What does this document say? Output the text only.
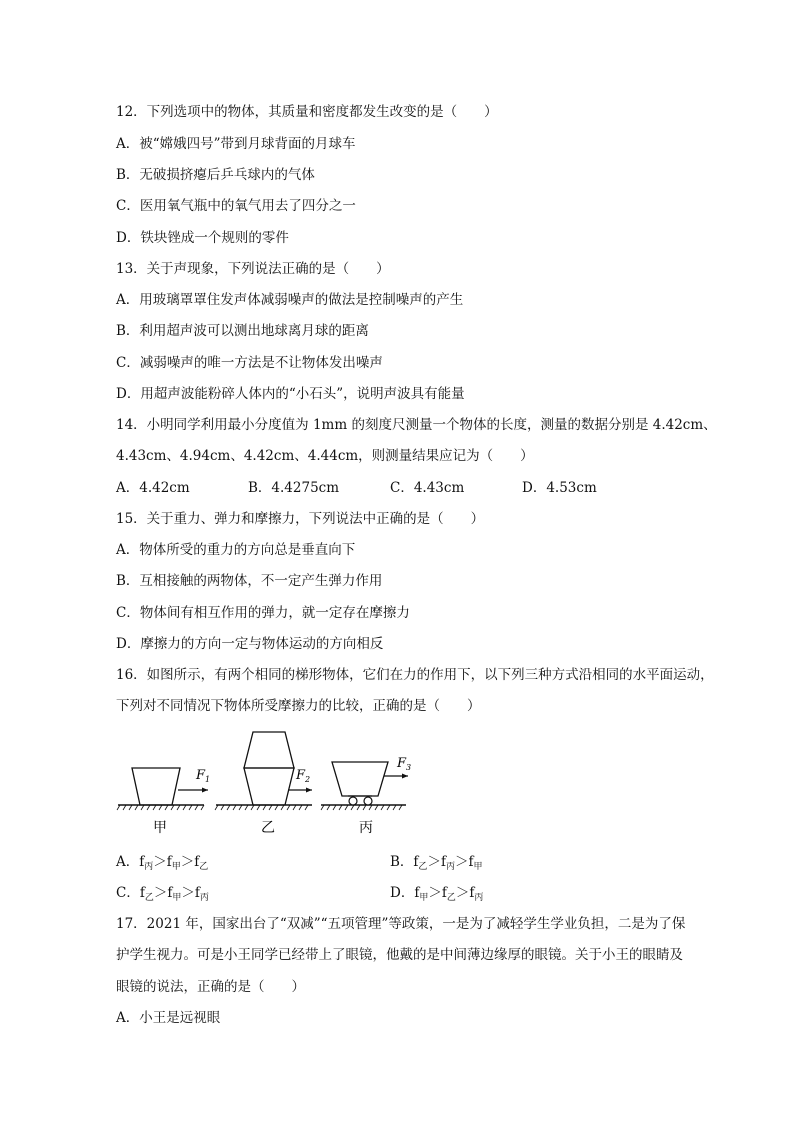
12．下列选项中的物体，其质量和密度都发生改变的是（　　）
A．被“嫦娥四号”带到月球背面的月球车
B．无破损挤瘪后乒乓球内的气体
C．医用氧气瓶中的氧气用去了四分之一
D．铁块锉成一个规则的零件
13．关于声现象，下列说法正确的是（　　）
A．用玻璃罩罩住发声体减弱噪声的做法是控制噪声的产生
B．利用超声波可以测出地球离月球的距离
C．减弱噪声的唯一方法是不让物体发出噪声
D．用超声波能粉碎人体内的“小石头”，说明声波具有能量
14．小明同学利用最小分度值为 1mm 的刻度尺测量一个物体的长度，测量的数据分别是 4.42cm、
4.43cm、4.94cm、4.42cm、4.44cm，则测量结果应记为（　　）
A．4.42cm	B．4.4275cm	C．4.43cm	D．4.53cm
15．关于重力、弹力和摩擦力，下列说法中正确的是（　　）
A．物体所受的重力的方向总是垂直向下
B．互相接触的两物体，不一定产生弹力作用
C．物体间有相互作用的弹力，就一定存在摩擦力
D．摩擦力的方向一定与物体运动的方向相反
16．如图所示，有两个相同的梯形物体，它们在力的作用下，以下列三种方式沿相同的水平面运动，
下列对不同情况下物体所受摩擦力的比较，正确的是（　　）
$F_1$
甲
$F_2$
乙
$F_3$
丙
A．$f_丙>f_甲>f_乙$	B．$f_乙>f_丙>f_甲$
C．$f_乙>f_甲>f_丙$	D．$f_甲>f_乙>f_丙$
17．2021 年，国家出台了“双减”“五项管理”等政策，一是为了减轻学生学业负担，二是为了保
护学生视力。可是小王同学已经带上了眼镜，他戴的是中间薄边缘厚的眼镜。关于小王的眼睛及
眼镜的说法，正确的是（　　）
A．小王是远视眼
